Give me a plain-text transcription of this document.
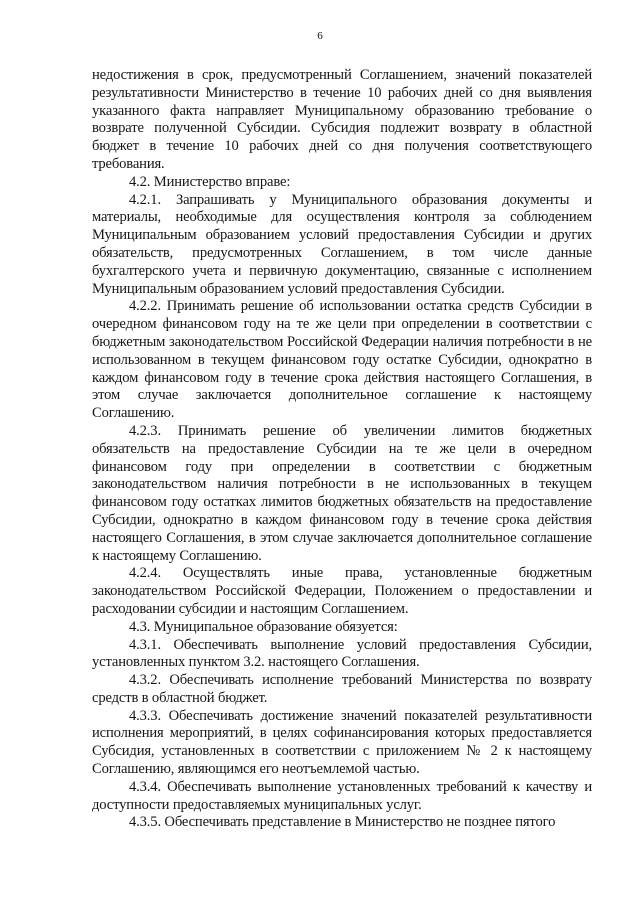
6

недостижения в срок, предусмотренный Соглашением, значений показателей результативности Министерство в течение 10 рабочих дней со дня выявления указанного факта направляет Муниципальному образованию требование о возврате полученной Субсидии. Субсидия подлежит возврату в областной бюджет в течение 10 рабочих дней со дня получения соответствующего требования.

4.2. Министерство вправе:

4.2.1. Запрашивать у Муниципального образования документы и материалы, необходимые для осуществления контроля за соблюдением Муниципальным образованием условий предоставления Субсидии и других обязательств, предусмотренных Соглашением, в том числе данные бухгалтерского учета и первичную документацию, связанные с исполнением Муниципальным образованием условий предоставления Субсидии.

4.2.2. Принимать решение об использовании остатка средств Субсидии в очередном финансовом году на те же цели при определении в соответствии с бюджетным законодательством Российской Федерации наличия потребности в не использованном в текущем финансовом году остатке Субсидии, однократно в каждом финансовом году в течение срока действия настоящего Соглашения, в этом случае заключается дополнительное соглашение к настоящему Соглашению.

4.2.3. Принимать решение об увеличении лимитов бюджетных обязательств на предоставление Субсидии на те же цели в очередном финансовом году при определении в соответствии с бюджетным законодательством наличия потребности в не использованных в текущем финансовом году остатках лимитов бюджетных обязательств на предоставление Субсидии, однократно в каждом финансовом году в течение срока действия настоящего Соглашения, в этом случае заключается дополнительное соглашение к настоящему Соглашению.

4.2.4. Осуществлять иные права, установленные бюджетным законодательством Российской Федерации, Положением о предоставлении и расходовании субсидии и настоящим Соглашением.

4.3. Муниципальное образование обязуется:

4.3.1. Обеспечивать выполнение условий предоставления Субсидии, установленных пунктом 3.2. настоящего Соглашения.

4.3.2. Обеспечивать исполнение требований Министерства по возврату средств в областной бюджет.

4.3.3. Обеспечивать достижение значений показателей результативности исполнения мероприятий, в целях софинансирования которых предоставляется Субсидия, установленных в соответствии с приложением № 2 к настоящему Соглашению, являющимся его неотъемлемой частью.

4.3.4. Обеспечивать выполнение установленных требований к качеству и доступности предоставляемых муниципальных услуг.

4.3.5. Обеспечивать представление в Министерство не позднее пятого
